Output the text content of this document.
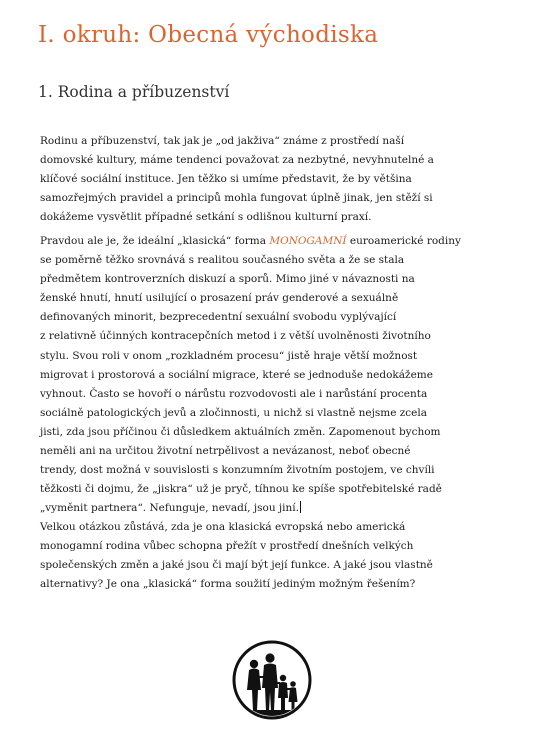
I. okruh: Obecná východiska
1. Rodina a příbuzenství
Rodinu a příbuzenství, tak jak je „od jakživa“ známe z prostředí naší
domovské kultury, máme tendenci považovat za nezbytné, nevyhnutelné a
klíčové sociální instituce. Jen těžko si umíme představit, že by většina
samozřejmých pravidel a principů mohla fungovat úplně jinak, jen stěží si
dokážeme vysvětlit případné setkání s odlišnou kulturní praxí.
Pravdou ale je, že ideální „klasická“ forma MONOGAMNÍ euroamerické rodiny
se poměrně těžko srovnává s realitou současného světa a že se stala
předmětem kontroverzních diskuzí a sporů. Mimo jiné v návaznosti na
ženské hnutí, hnutí usilující o prosazení práv genderové a sexuálně
definovaných minorit, bezprecedentní sexuální svobodu vyplývající
z relativně účinných kontracepčních metod i z větší uvolněnosti životního
stylu. Svou roli v onom „rozkladném procesu“ jistě hraje větší možnost
migrovat i prostorová a sociální migrace, které se jednoduše nedokážeme
vyhnout. Často se hovoří o nárůstu rozvodovosti ale i narůstání procenta
sociálně patologických jevů a zločinnosti, u nichž si vlastně nejsme zcela
jisti, zda jsou příčinou či důsledkem aktuálních změn. Zapomenout bychom
neměli ani na určitou životní netrpělivost a nevázanost, neboť obecné
trendy, dost možná v souvislosti s konzumním životním postojem, ve chvíli
těžkosti či dojmu, že „jiskra“ už je pryč, tíhnou ke spíše spotřebitelské radě
„vyměnit partnera“. Nefunguje, nevadí, jsou jiní.
Velkou otázkou zůstává, zda je ona klasická evropská nebo americká
monogamní rodina vůbec schopna přežít v prostředí dnešních velkých
společenských změn a jaké jsou či mají být její funkce. A jaké jsou vlastně
alternativy? Je ona „klasická“ forma soužití jediným možným řešením?
